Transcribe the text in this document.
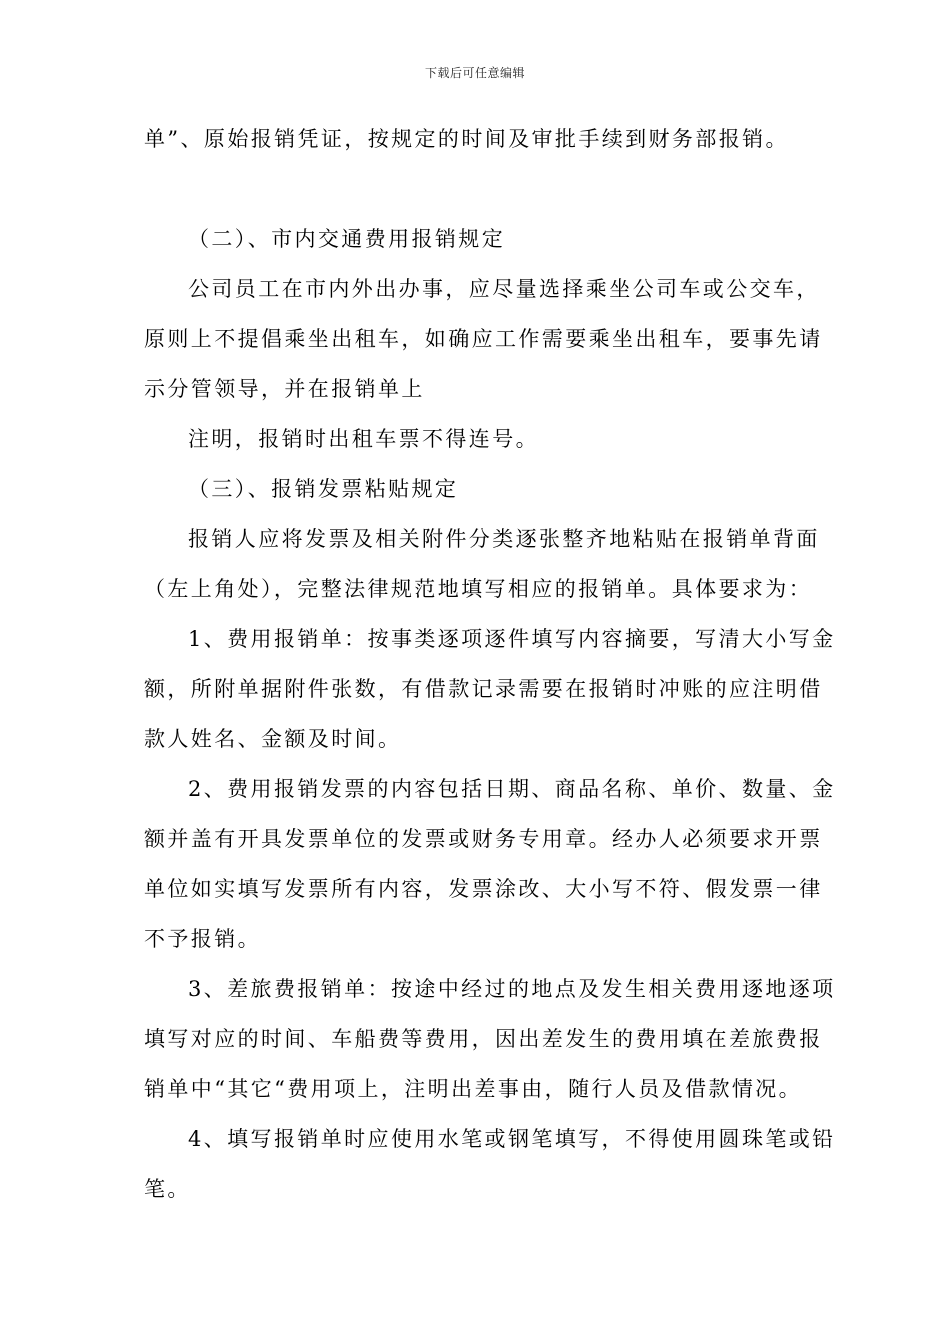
下载后可任意编辑
单”、原始报销凭证，按规定的时间及审批手续到财务部报销。
（二）、市内交通费用报销规定
公司员工在市内外出办事，应尽量选择乘坐公司车或公交车，
原则上不提倡乘坐出租车，如确应工作需要乘坐出租车，要事先请
示分管领导，并在报销单上
注明，报销时出租车票不得连号。
（三）、报销发票粘贴规定
报销人应将发票及相关附件分类逐张整齐地粘贴在报销单背面
（左上角处），完整法律规范地填写相应的报销单。具体要求为：
1、费用报销单：按事类逐项逐件填写内容摘要，写清大小写金
额，所附单据附件张数，有借款记录需要在报销时冲账的应注明借
款人姓名、金额及时间。
2、费用报销发票的内容包括日期、商品名称、单价、数量、金
额并盖有开具发票单位的发票或财务专用章。经办人必须要求开票
单位如实填写发票所有内容，发票涂改、大小写不符、假发票一律
不予报销。
3、差旅费报销单：按途中经过的地点及发生相关费用逐地逐项
填写对应的时间、车船费等费用，因出差发生的费用填在差旅费报
销单中“其它“费用项上，注明出差事由，随行人员及借款情况。
4、填写报销单时应使用水笔或钢笔填写，不得使用圆珠笔或铅
笔。
